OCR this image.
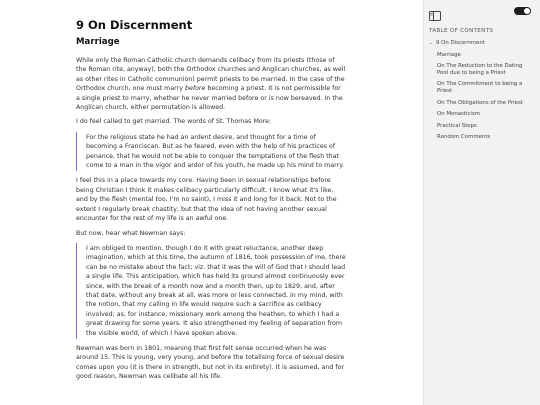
9 On Discernment
Marriage

While only the Roman Catholic church demands celibacy from its priests (those of the Roman rite, anyway), both the Orthodox churches and Anglican churches, as well as other rites in Catholic communion) permit priests to be married. In the case of the Orthodox church, one must marry before becoming a priest. It is not permissible for a single priest to marry, whether he never married before or is now bereaved. In the Anglican church, either permutation is allowed.

I do feel called to get married. The words of St. Thomas More:

For the religious state he had an ardent desire, and thought for a time of becoming a Franciscan. But as he feared, even with the help of his practices of penance, that he would not be able to conquer the temptations of the flesh that come to a man in the vigor and ardor of his youth, he made up his mind to marry.

I feel this in a place towards my core. Having been in sexual relationships before being Christian I think it makes celibacy particularly difficult. I know what it's like, and by the flesh (mental too, I'm no saint), I miss it and long for it back. Not to the extent I regularly break chastity, but that the idea of not having another sexual encounter for the rest of my life is an awful one.

But now, hear what Newman says:

I am obliged to mention, though I do it with great reluctance, another deep imagination, which at this time, the autumn of 1816, took possession of me, there can be no mistake about the fact; viz. that it was the will of God that I should lead a single life. This anticipation, which has held its ground almost continuously ever since, with the break of a month now and a month then, up to 1829, and, after that date, without any break at all, was more or less connected, in my mind, with the notion, that my calling in life would require such a sacrifice as celibacy involved; as, for instance, missionary work among the heathen, to which I had a great drawing for some years. It also strengthened my feeling of separation from the visible world, of which I have spoken above.

Newman was born in 1801, meaning that first felt sense occurred when he was around 15. This is young, very young, and before the totalising force of sexual desire comes upon you (it is there in strength, but not in its entirety). It is assumed, and for good reason, Newman was celibate all his life.

TABLE OF CONTENTS
⌄ 9 On Discernment
Marriage
On The Reduction to the Dating Pool due to being a Priest
On The Commitment to being a Priest
On The Obligations of the Priest
On Monasticism
Practical Steps
Random Comments
